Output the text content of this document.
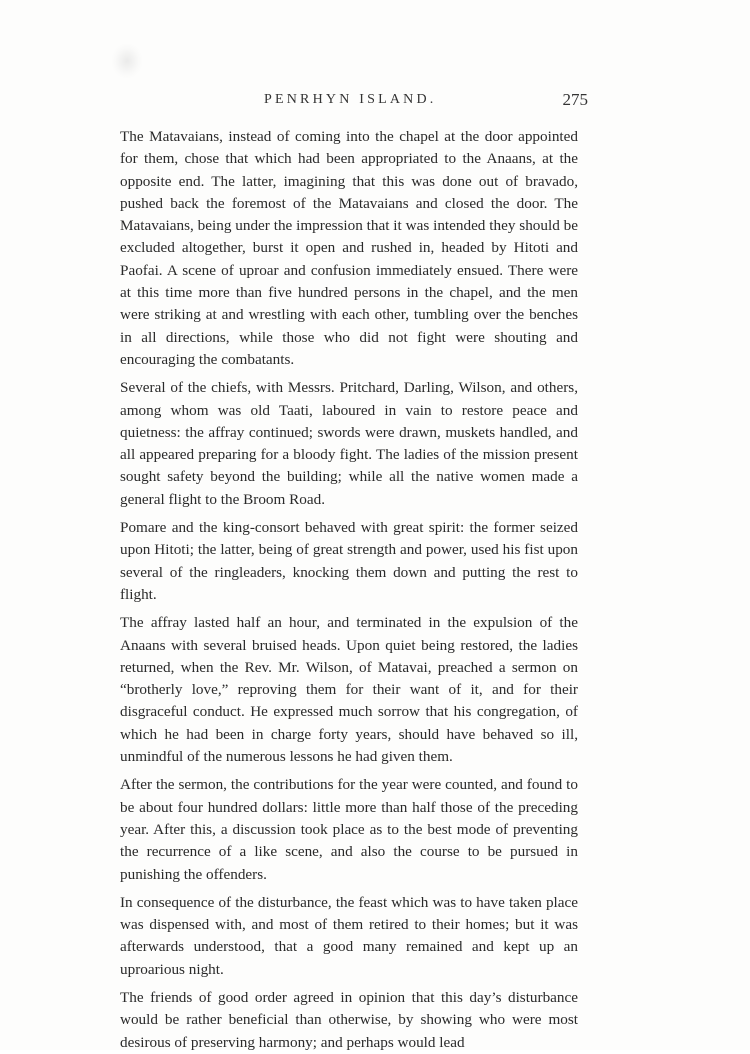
PENRHYN ISLAND.	275

The Matavaians, instead of coming into the chapel at the door appointed for them, chose that which had been appropriated to the Anaans, at the opposite end. The latter, imagining that this was done out of bravado, pushed back the foremost of the Matavaians and closed the door. The Matavaians, being under the impression that it was intended they should be excluded altogether, burst it open and rushed in, headed by Hitoti and Paofai. A scene of uproar and confusion immediately ensued. There were at this time more than five hundred persons in the chapel, and the men were striking at and wrestling with each other, tumbling over the benches in all directions, while those who did not fight were shouting and encouraging the combatants.

Several of the chiefs, with Messrs. Pritchard, Darling, Wilson, and others, among whom was old Taati, laboured in vain to restore peace and quietness: the affray continued; swords were drawn, muskets handled, and all appeared preparing for a bloody fight. The ladies of the mission present sought safety beyond the building; while all the native women made a general flight to the Broom Road.

Pomare and the king-consort behaved with great spirit: the former seized upon Hitoti; the latter, being of great strength and power, used his fist upon several of the ringleaders, knocking them down and putting the rest to flight.

The affray lasted half an hour, and terminated in the expulsion of the Anaans with several bruised heads. Upon quiet being restored, the ladies returned, when the Rev. Mr. Wilson, of Matavai, preached a sermon on “brotherly love,” reproving them for their want of it, and for their disgraceful conduct. He expressed much sorrow that his congregation, of which he had been in charge forty years, should have behaved so ill, unmindful of the numerous lessons he had given them.

After the sermon, the contributions for the year were counted, and found to be about four hundred dollars: little more than half those of the preceding year. After this, a discussion took place as to the best mode of preventing the recurrence of a like scene, and also the course to be pursued in punishing the offenders.

In consequence of the disturbance, the feast which was to have taken place was dispensed with, and most of them retired to their homes; but it was afterwards understood, that a good many remained and kept up an uproarious night.

The friends of good order agreed in opinion that this day’s disturbance would be rather beneficial than otherwise, by showing who were most desirous of preserving harmony; and perhaps would lead
